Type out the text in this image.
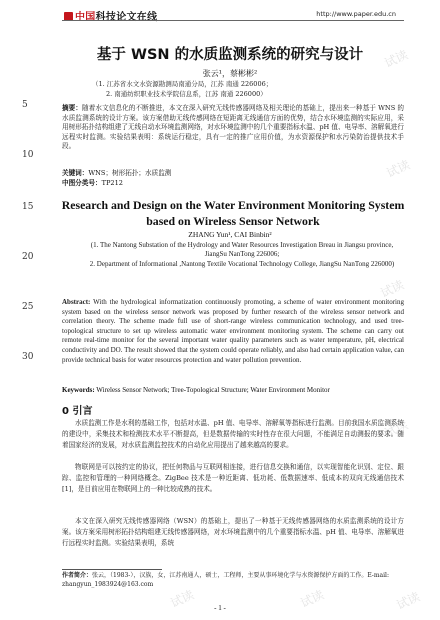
中国科技论文在线	http://www.paper.edu.cn
试读
试读
试读
试读
试读	试读	试读
5
10
15
20
25
30
基于 WSN 的水质监测系统的研究与设计
张云¹，蔡彬彬²
（1. 江苏省水文水资源勘测局南通分局，江苏 南通 226006；
2. 南通纺织职业技术学院信息系，江苏 南通 226000）
摘要：随着水文信息化的不断推进，本文在深入研究无线传感器网络及相关理论的基础上，提出来一种基于 WNS 的水质监测系统的设计方案。该方案借助无线传感网络在短距离无线通信方面的优势，结合水环境监测的实际应用，采用树形拓扑结构组建了无线自动水环境监测网络，对水环境监测中的几个重要指标水温、pH 值、电导率、溶解氧进行远程实时监测。实验结果表明：系统运行稳定，具有一定的推广应用价值，为水资源保护和水污染防治提供技术手段。
关键词：WNS；树形拓扑；水质监测
中图分类号：TP212
Research and Design on the Water Environment Monitoring System based on Wireless Sensor Network
ZHANG Yun¹, CAI Binbin²
(1. The Nantong Substation of the Hydrology and Water Resources Investigation Breau in Jiangsu province, JiangSu NanTong 226006;
2. Department of Informational ,Nantong Textile Vocational Technology College, JiangSu NanTong 226000)
Abstract: With the hydrological informatization continuously promoting, a scheme of water environment monitoring system based on the wireless sensor network was proposed by further research of the wireless sensor network and correlation theory. The scheme made full use of short-range wireless communication technology, and used tree-topological structure to set up wireless automatic water environment monitoring system. The scheme can carry out remote real-time monitor for the several important water quality parameters such as water temperature, pH, electrical conductivity and DO. The result showed that the system could operate reliably, and also had certain application value, can provide technical basis for water resources protection and water pollution prevention.
Keywords: Wireless Sensor Network; Tree-Topological Structure; Water Environment Monitor
0 引言
水质监测工作是水利的基础工作，包括对水温、pH 值、电导率、溶解氧等指标进行监测。目前我国水质监测系统的建设中，采集技术和检测技术水平不断提高，但是数据传输的实时性存在很大问题，不能满足自动测报的要求。随着国家经济的发展，对水质监测监控技术的自动化应用提出了越来越高的要求。
物联网是可以按约定的协议，把任何物品与互联网相连接，进行信息交换和通信，以实现智能化识别、定位、跟踪、监控和管理的一种网络概念。ZigBee 技术是一种近距离、低功耗、低数据速率、低成本的双向无线通信技术[1]，是目前应用在物联网上的一种比较成熟的技术。
本文在深入研究无线传感器网络（WSN）的基础上，提出了一种基于无线传感器网络的水质监测系统的设计方案。该方案采用树形拓扑结构组建无线传感器网络，对水环境监测中的几个重要指标水温、pH 值、电导率、溶解氧进行远程实时监测。实验结果表明，系统
作者简介：张云，（1983-），汉族，女，江苏南通人，硕士，工程师，主要从事环境化学与水资源保护方面的工作。E-mail: zhangyun_1983924@163.com
- 1 -
